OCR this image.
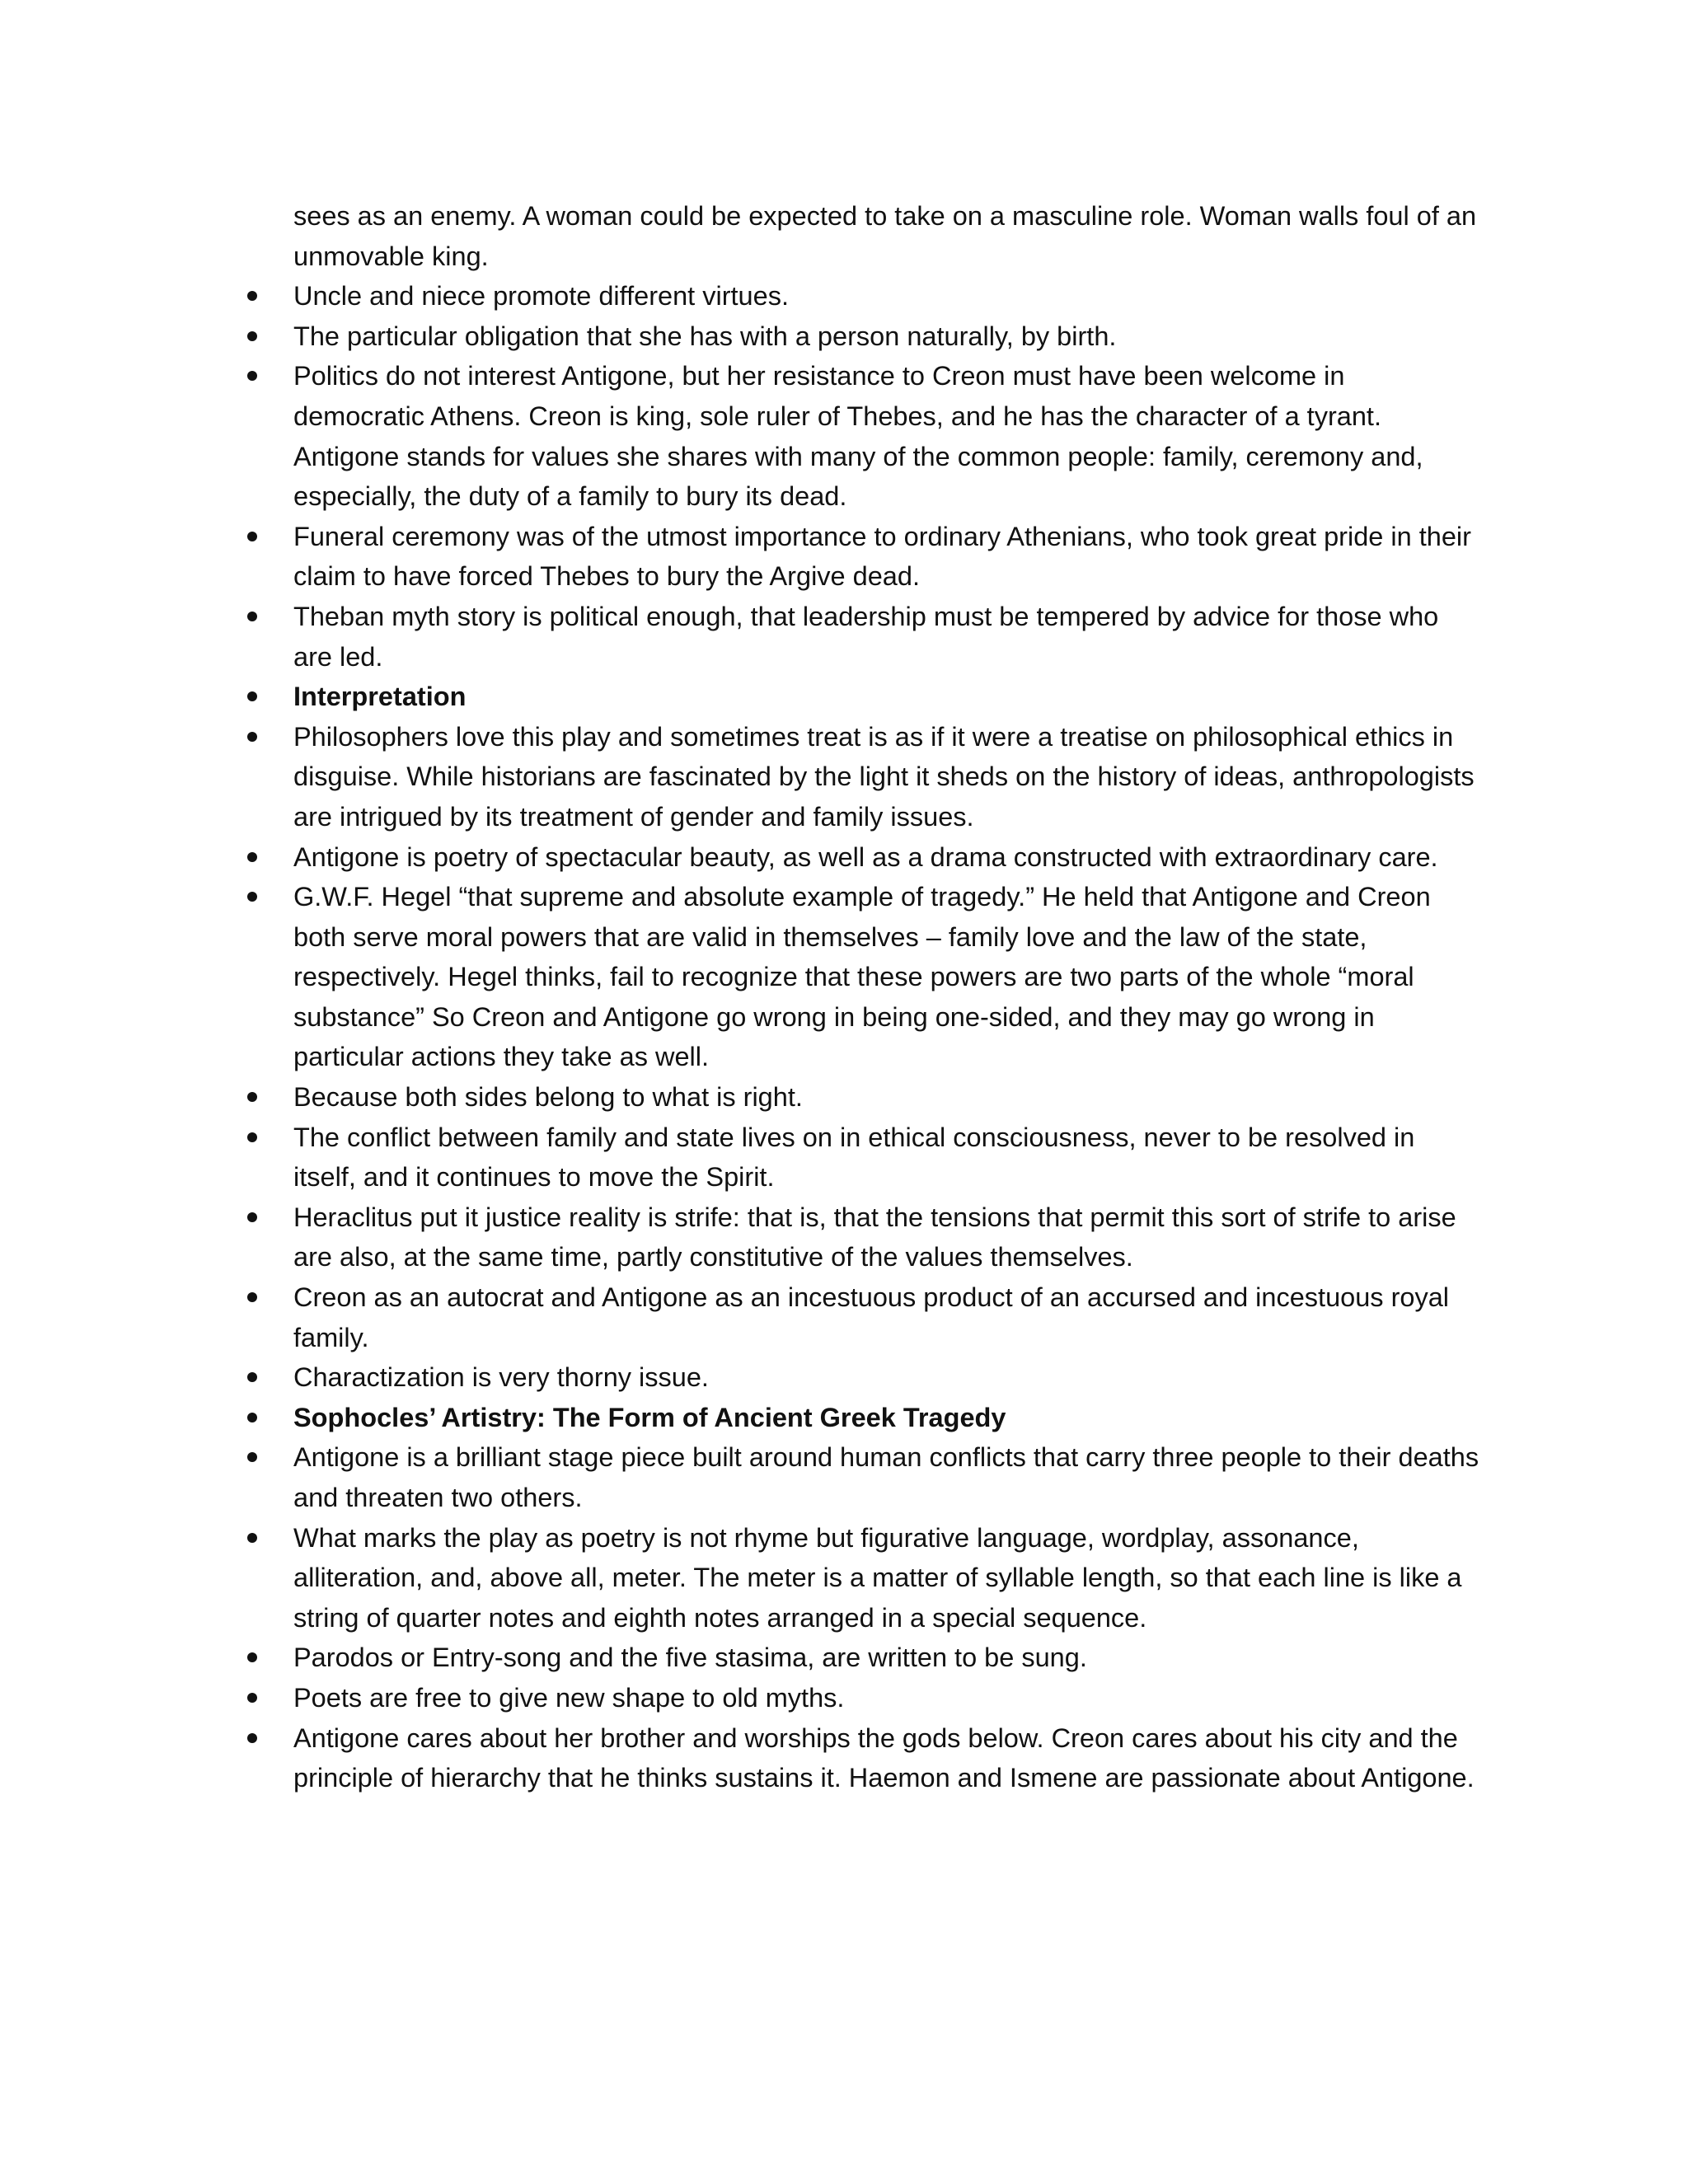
sees as an enemy. A woman could be expected to take on a masculine role. Woman walls foul of an unmovable king.

Uncle and niece promote different virtues.
The particular obligation that she has with a person naturally, by birth.
Politics do not interest Antigone, but her resistance to Creon must have been welcome in democratic Athens. Creon is king, sole ruler of Thebes, and he has the character of a tyrant. Antigone stands for values she shares with many of the common people: family, ceremony and, especially, the duty of a family to bury its dead.
Funeral ceremony was of the utmost importance to ordinary Athenians, who took great pride in their claim to have forced Thebes to bury the Argive dead.
Theban myth story is political enough, that leadership must be tempered by advice for those who are led.
Interpretation
Philosophers love this play and sometimes treat is as if it were a treatise on philosophical ethics in disguise. While historians are fascinated by the light it sheds on the history of ideas, anthropologists are intrigued by its treatment of gender and family issues.
Antigone is poetry of spectacular beauty, as well as a drama constructed with extraordinary care.
G.W.F. Hegel “that supreme and absolute example of tragedy.” He held that Antigone and Creon both serve moral powers that are valid in themselves – family love and the law of the state, respectively. Hegel thinks, fail to recognize that these powers are two parts of the whole “moral substance” So Creon and Antigone go wrong in being one-sided, and they may go wrong in particular actions they take as well.
Because both sides belong to what is right.
The conflict between family and state lives on in ethical consciousness, never to be resolved in itself, and it continues to move the Spirit.
Heraclitus put it justice reality is strife: that is, that the tensions that permit this sort of strife to arise are also, at the same time, partly constitutive of the values themselves.
Creon as an autocrat and Antigone as an incestuous product of an accursed and incestuous royal family.
Charactization is very thorny issue.
Sophocles’ Artistry: The Form of Ancient Greek Tragedy
Antigone is a brilliant stage piece built around human conflicts that carry three people to their deaths and threaten two others.
What marks the play as poetry is not rhyme but figurative language, wordplay, assonance, alliteration, and, above all, meter. The meter is a matter of syllable length, so that each line is like a string of quarter notes and eighth notes arranged in a special sequence.
Parodos or Entry-song and the five stasima, are written to be sung.
Poets are free to give new shape to old myths.
Antigone cares about her brother and worships the gods below. Creon cares about his city and the principle of hierarchy that he thinks sustains it. Haemon and Ismene are passionate about Antigone.
